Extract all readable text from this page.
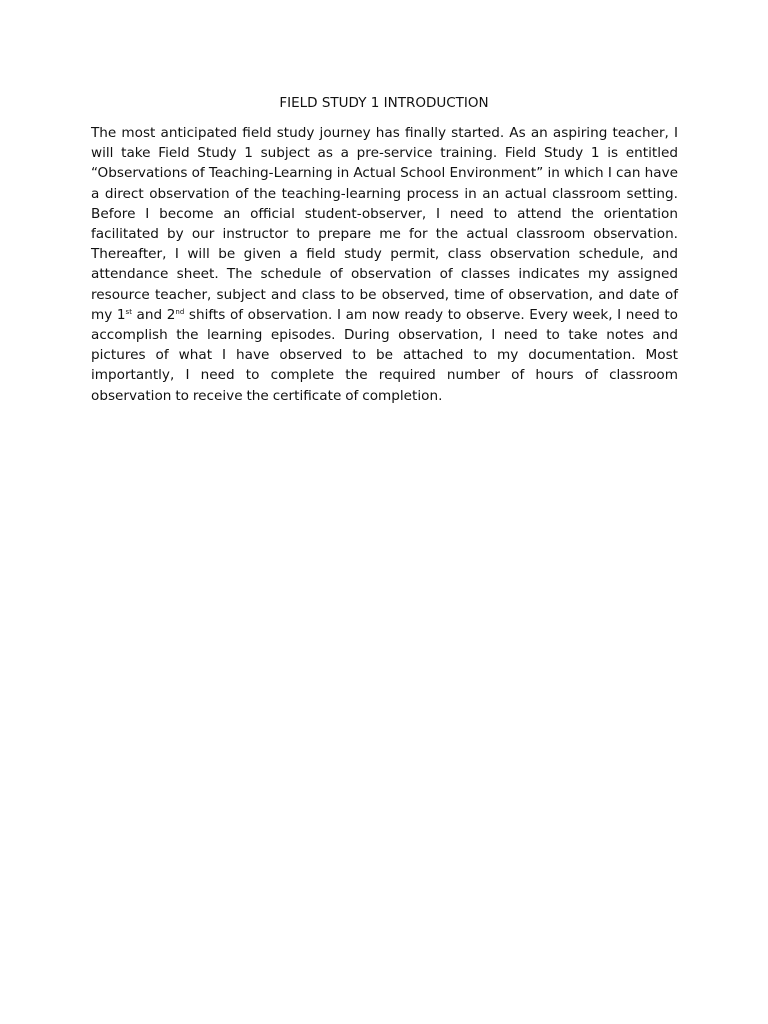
FIELD STUDY 1 INTRODUCTION

The most anticipated field study journey has finally started. As an aspiring teacher, I will take Field Study 1 subject as a pre-service training. Field Study 1 is entitled “Observations of Teaching-Learning in Actual School Environment” in which I can have a direct observation of the teaching-learning process in an actual classroom setting. Before I become an official student-observer, I need to attend the orientation facilitated by our instructor to prepare me for the actual classroom observation. Thereafter, I will be given a field study permit, class observation schedule, and attendance sheet. The schedule of observation of classes indicates my assigned resource teacher, subject and class to be observed, time of observation, and date of my 1st and 2nd shifts of observation. I am now ready to observe. Every week, I need to accomplish the learning episodes. During observation, I need to take notes and pictures of what I have observed to be attached to my documentation. Most importantly, I need to complete the required number of hours of classroom observation to receive the certificate of completion.
